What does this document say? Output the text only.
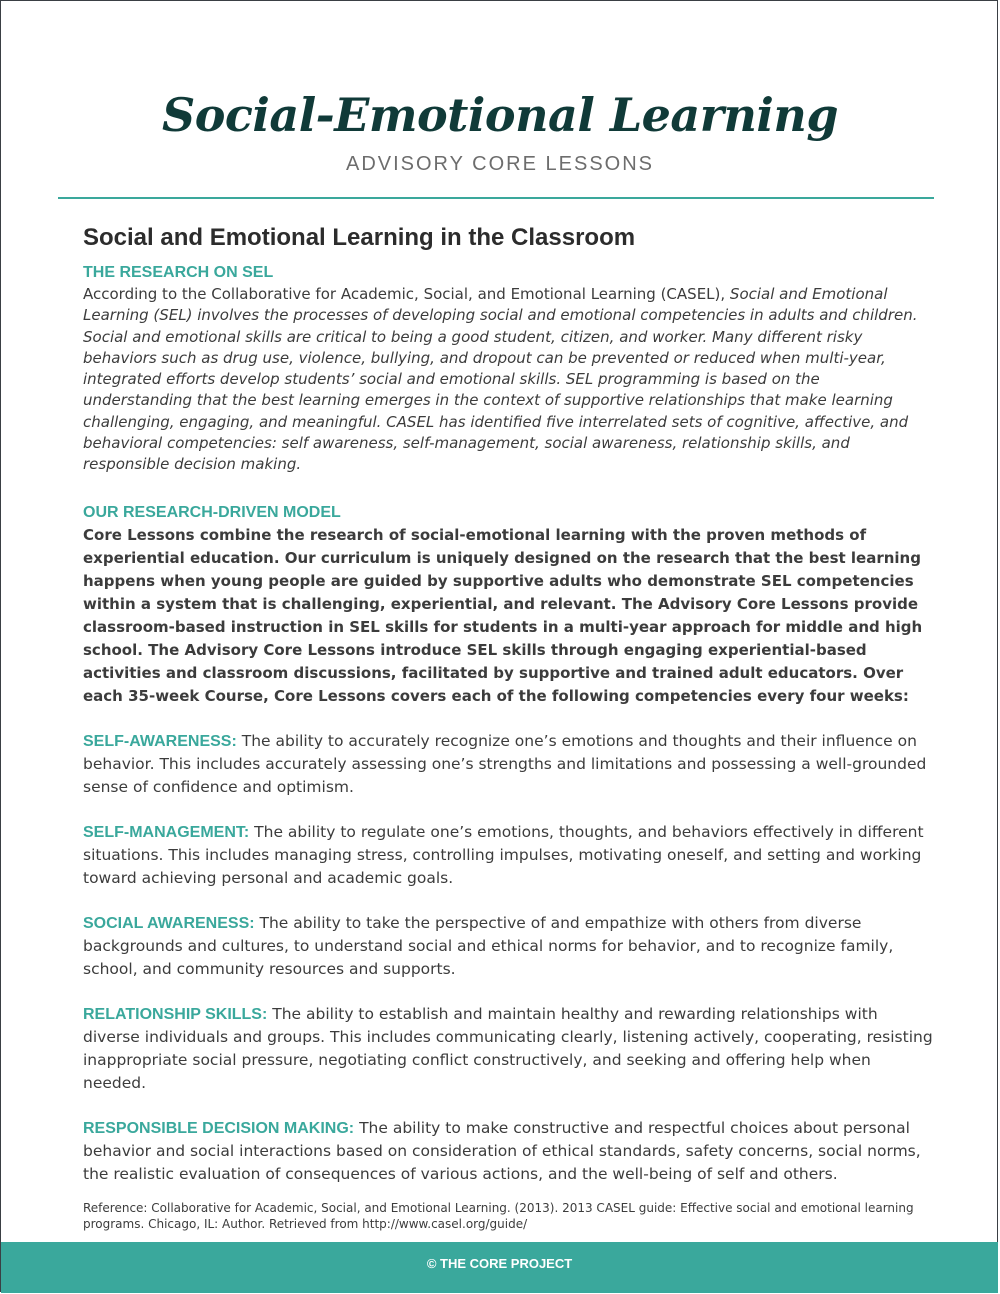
Social-Emotional Learning
ADVISORY CORE LESSONS
Social and Emotional Learning in the Classroom
THE RESEARCH ON SEL

According to the Collaborative for Academic, Social, and Emotional Learning (CASEL), Social and Emotional Learning (SEL) involves the processes of developing social and emotional competencies in adults and children. Social and emotional skills are critical to being a good student, citizen, and worker. Many different risky behaviors such as drug use, violence, bullying, and dropout can be prevented or reduced when multi-year, integrated efforts develop students’ social and emotional skills. SEL programming is based on the understanding that the best learning emerges in the context of supportive relationships that make learning challenging, engaging, and meaningful. CASEL has identified five interrelated sets of cognitive, affective, and behavioral competencies: self awareness, self-management, social awareness, relationship skills, and responsible decision making.

OUR RESEARCH-DRIVEN MODEL

Core Lessons combine the research of social-emotional learning with the proven methods of experiential education. Our curriculum is uniquely designed on the research that the best learning happens when young people are guided by supportive adults who demonstrate SEL competencies within a system that is challenging, experiential, and relevant. The Advisory Core Lessons provide classroom-based instruction in SEL skills for students in a multi-year approach for middle and high school. The Advisory Core Lessons introduce SEL skills through engaging experiential-based activities and classroom discussions, facilitated by supportive and trained adult educators. Over each 35-week Course, Core Lessons covers each of the following competencies every four weeks:

SELF-AWARENESS: The ability to accurately recognize one’s emotions and thoughts and their influence on behavior. This includes accurately assessing one’s strengths and limitations and possessing a well-grounded sense of confidence and optimism.

SELF-MANAGEMENT: The ability to regulate one’s emotions, thoughts, and behaviors effectively in different situations. This includes managing stress, controlling impulses, motivating oneself, and setting and working toward achieving personal and academic goals.

SOCIAL AWARENESS: The ability to take the perspective of and empathize with others from diverse backgrounds and cultures, to understand social and ethical norms for behavior, and to recognize family, school, and community resources and supports.

RELATIONSHIP SKILLS: The ability to establish and maintain healthy and rewarding relationships with diverse individuals and groups. This includes communicating clearly, listening actively, cooperating, resisting inappropriate social pressure, negotiating conflict constructively, and seeking and offering help when needed.

RESPONSIBLE DECISION MAKING: The ability to make constructive and respectful choices about personal behavior and social interactions based on consideration of ethical standards, safety concerns, social norms, the realistic evaluation of consequences of various actions, and the well-being of self and others.

Reference: Collaborative for Academic, Social, and Emotional Learning. (2013). 2013 CASEL guide: Effective social and emotional learning programs. Chicago, IL: Author. Retrieved from http://www.casel.org/guide/

© THE CORE PROJECT
